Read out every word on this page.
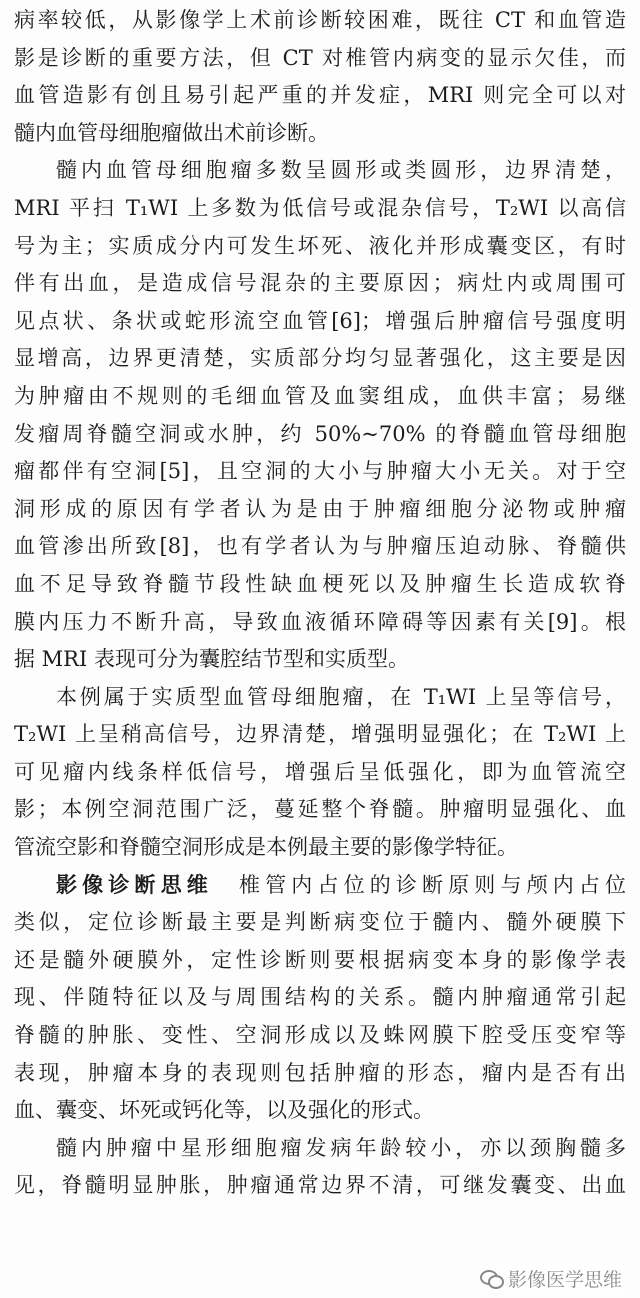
病率较低，从影像学上术前诊断较困难，既往 CT 和血管造
影是诊断的重要方法，但 CT 对椎管内病变的显示欠佳，而
血管造影有创且易引起严重的并发症，MRI 则完全可以对
髓内血管母细胞瘤做出术前诊断。
髓内血管母细胞瘤多数呈圆形或类圆形，边界清楚，
MRI 平扫 T₁WI 上多数为低信号或混杂信号，T₂WI 以高信
号为主；实质成分内可发生坏死、液化并形成囊变区，有时
伴有出血，是造成信号混杂的主要原因；病灶内或周围可
见点状、条状或蛇形流空血管[6]；增强后肿瘤信号强度明
显增高，边界更清楚，实质部分均匀显著强化，这主要是因
为肿瘤由不规则的毛细血管及血窦组成，血供丰富；易继
发瘤周脊髓空洞或水肿，约 50%~70% 的脊髓血管母细胞
瘤都伴有空洞[5]，且空洞的大小与肿瘤大小无关。对于空
洞形成的原因有学者认为是由于肿瘤细胞分泌物或肿瘤
血管渗出所致[8]，也有学者认为与肿瘤压迫动脉、脊髓供
血不足导致脊髓节段性缺血梗死以及肿瘤生长造成软脊
膜内压力不断升高，导致血液循环障碍等因素有关[9]。根
据 MRI 表现可分为囊腔结节型和实质型。
本例属于实质型血管母细胞瘤，在 T₁WI 上呈等信号，
T₂WI 上呈稍高信号，边界清楚，增强明显强化；在 T₂WI 上
可见瘤内线条样低信号，增强后呈低强化，即为血管流空
影；本例空洞范围广泛，蔓延整个脊髓。肿瘤明显强化、血
管流空影和脊髓空洞形成是本例最主要的影像学特征。
影像诊断思维　 椎管内占位的诊断原则与颅内占位
类似，定位诊断最主要是判断病变位于髓内、髓外硬膜下
还是髓外硬膜外，定性诊断则要根据病变本身的影像学表
现、伴随特征以及与周围结构的关系。髓内肿瘤通常引起
脊髓的肿胀、变性、空洞形成以及蛛网膜下腔受压变窄等
表现，肿瘤本身的表现则包括肿瘤的形态，瘤内是否有出
血、囊变、坏死或钙化等，以及强化的形式。
髓内肿瘤中星形细胞瘤发病年龄较小，亦以颈胸髓多
见，脊髓明显肿胀，肿瘤通常边界不清，可继发囊变、出血
影像医学思维
